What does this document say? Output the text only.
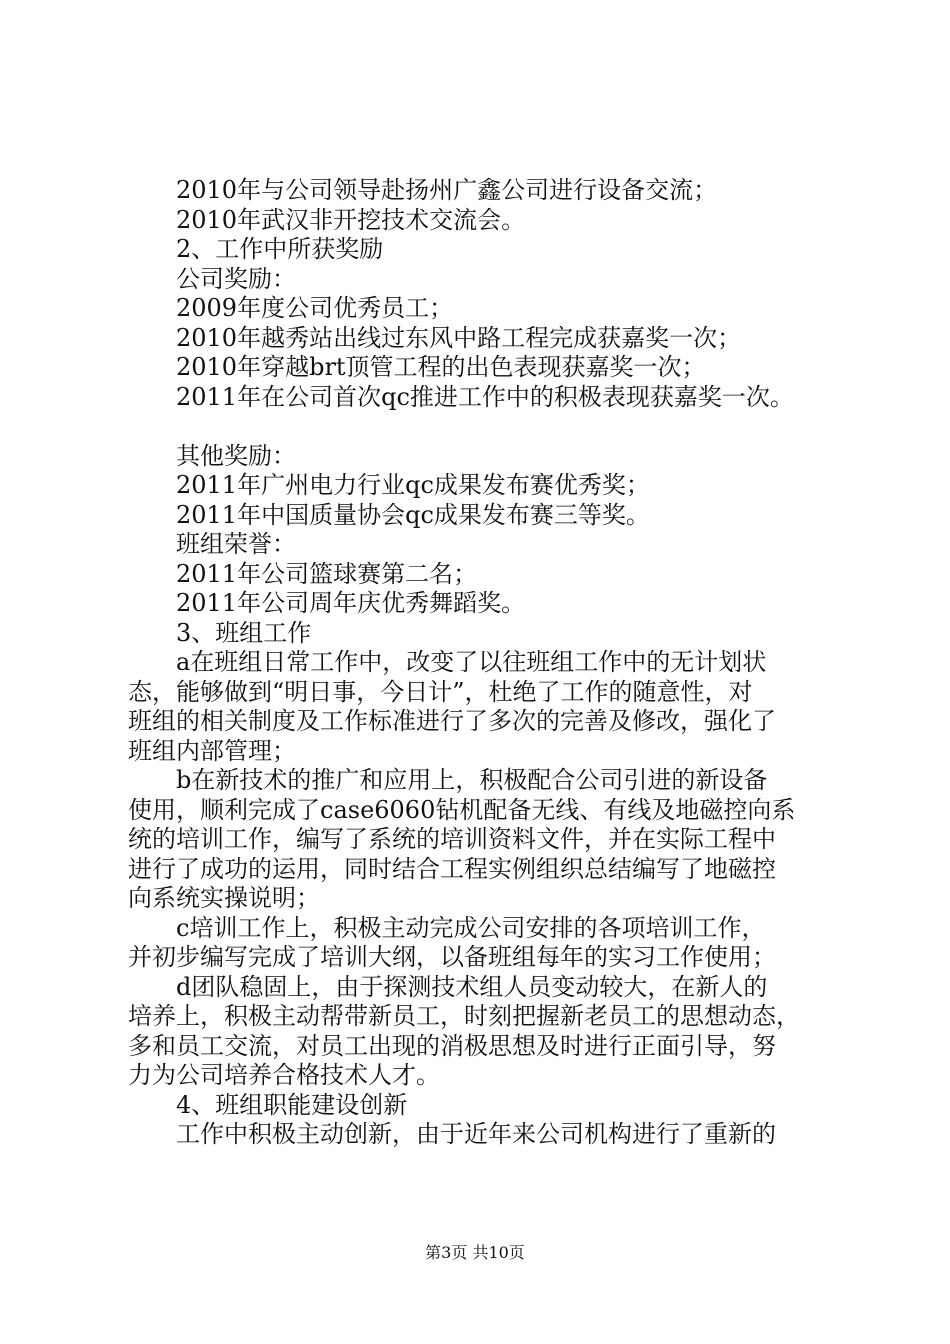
　　2010年与公司领导赴扬州广鑫公司进行设备交流；
　　2010年武汉非开挖技术交流会。
　　2、工作中所获奖励
　　公司奖励：
　　2009年度公司优秀员工；
　　2010年越秀站出线过东风中路工程完成获嘉奖一次；
　　2010年穿越brt顶管工程的出色表现获嘉奖一次；
　　2011年在公司首次qc推进工作中的积极表现获嘉奖一次。
　　其他奖励：
　　2011年广州电力行业qc成果发布赛优秀奖；
　　2011年中国质量协会qc成果发布赛三等奖。
　　班组荣誉：
　　2011年公司篮球赛第二名；
　　2011年公司周年庆优秀舞蹈奖。
　　3、班组工作
　　a在班组日常工作中，改变了以往班组工作中的无计划状
态，能够做到“明日事，今日计”，杜绝了工作的随意性，对
班组的相关制度及工作标准进行了多次的完善及修改，强化了
班组内部管理；
　　b在新技术的推广和应用上，积极配合公司引进的新设备
使用，顺利完成了case6060钻机配备无线、有线及地磁控向系
统的培训工作，编写了系统的培训资料文件，并在实际工程中
进行了成功的运用，同时结合工程实例组织总结编写了地磁控
向系统实操说明；
　　c培训工作上，积极主动完成公司安排的各项培训工作，
并初步编写完成了培训大纲，以备班组每年的实习工作使用；
　　d团队稳固上，由于探测技术组人员变动较大，在新人的
培养上，积极主动帮带新员工，时刻把握新老员工的思想动态，
多和员工交流，对员工出现的消极思想及时进行正面引导，努
力为公司培养合格技术人才。
　　4、班组职能建设创新
　　工作中积极主动创新，由于近年来公司机构进行了重新的
第3页 共10页
